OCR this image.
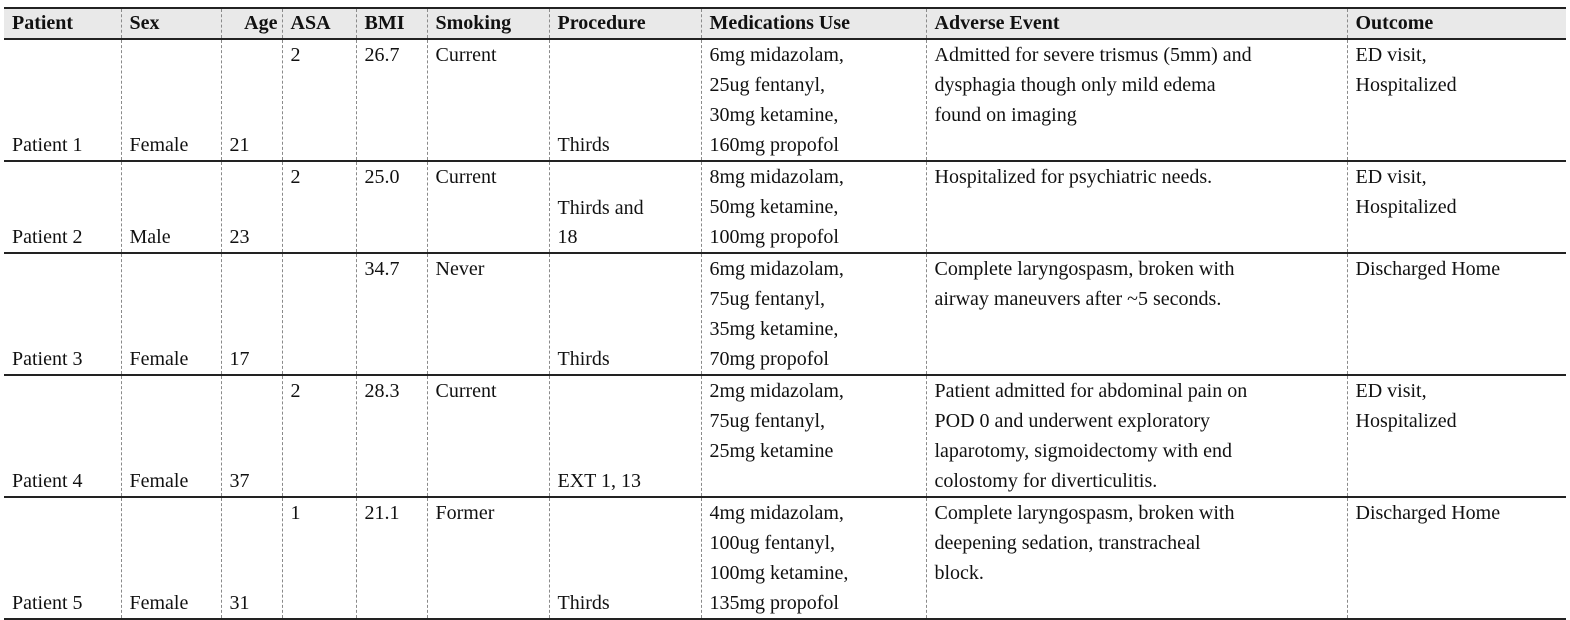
Patient	Sex	Age	ASA	BMI	Smoking	Procedure	Medications Use	Adverse Event	Outcome

Patient 1	Female	21	2	26.7	Current	Thirds	6mg midazolam,
25ug fentanyl,
30mg ketamine,
160mg propofol	Admitted for severe trismus (5mm) and
dysphagia though only mild edema
found on imaging	ED visit,
Hospitalized

Patient 2	Male	23	2	25.0	Current	Thirds and
18	8mg midazolam,
50mg ketamine,
100mg propofol	Hospitalized for psychiatric needs.	ED visit,
Hospitalized

Patient 3	Female	17		34.7	Never	Thirds	6mg midazolam,
75ug fentanyl,
35mg ketamine,
70mg propofol	Complete laryngospasm, broken with
airway maneuvers after ~5 seconds.	Discharged Home

Patient 4	Female	37	2	28.3	Current	EXT 1, 13	2mg midazolam,
75ug fentanyl,
25mg ketamine	Patient admitted for abdominal pain on
POD 0 and underwent exploratory
laparotomy, sigmoidectomy with end
colostomy for diverticulitis.	ED visit,
Hospitalized

Patient 5	Female	31	1	21.1	Former	Thirds	4mg midazolam,
100ug fentanyl,
100mg ketamine,
135mg propofol	Complete laryngospasm, broken with
deepening sedation, transtracheal
block.	Discharged Home
